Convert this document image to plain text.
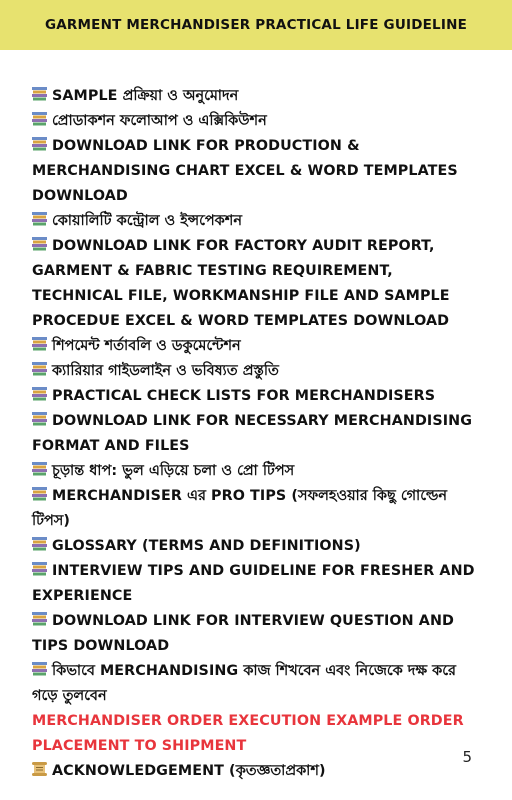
GARMENT MERCHANDISER PRACTICAL LIFE GUIDELINE
SAMPLE প্রক্রিয়া ও অনুমোদন
প্রোডাকশন ফলোআপ ও এক্সিকিউশন
DOWNLOAD LINK FOR PRODUCTION & MERCHANDISING CHART EXCEL & WORD TEMPLATES DOWNLOAD
কোয়ালিটি কন্ট্রোল ও ইন্সপেকশন
DOWNLOAD LINK FOR FACTORY AUDIT REPORT, GARMENT & FABRIC TESTING REQUIREMENT, TECHNICAL FILE, WORKMANSHIP FILE AND SAMPLE PROCEDUE EXCEL & WORD TEMPLATES DOWNLOAD
শিপমেন্ট শর্তাবলি ও ডকুমেন্টেশন
ক্যারিয়ার গাইডলাইন ও ভবিষ্যত প্রস্তুতি
PRACTICAL CHECK LISTS FOR MERCHANDISERS
DOWNLOAD LINK FOR NECESSARY MERCHANDISING FORMAT AND FILES
চূড়ান্ত ধাপ: ভুল এড়িয়ে চলা ও প্রো টিপস
MERCHANDISER এর PRO TIPS (সফলহওয়ার কিছু গোল্ডেন টিপস)
GLOSSARY (TERMS AND DEFINITIONS)
INTERVIEW TIPS AND GUIDELINE FOR FRESHER AND EXPERIENCE
DOWNLOAD LINK FOR INTERVIEW QUESTION AND TIPS DOWNLOAD
কিভাবে MERCHANDISING কাজ শিখবেন এবং নিজেকে দক্ষ করে গড়ে তুলবেন
MERCHANDISER ORDER EXECUTION EXAMPLE ORDER PLACEMENT TO SHIPMENT
ACKNOWLEDGEMENT (কৃতজ্ঞতাপ্রকাশ)
5
